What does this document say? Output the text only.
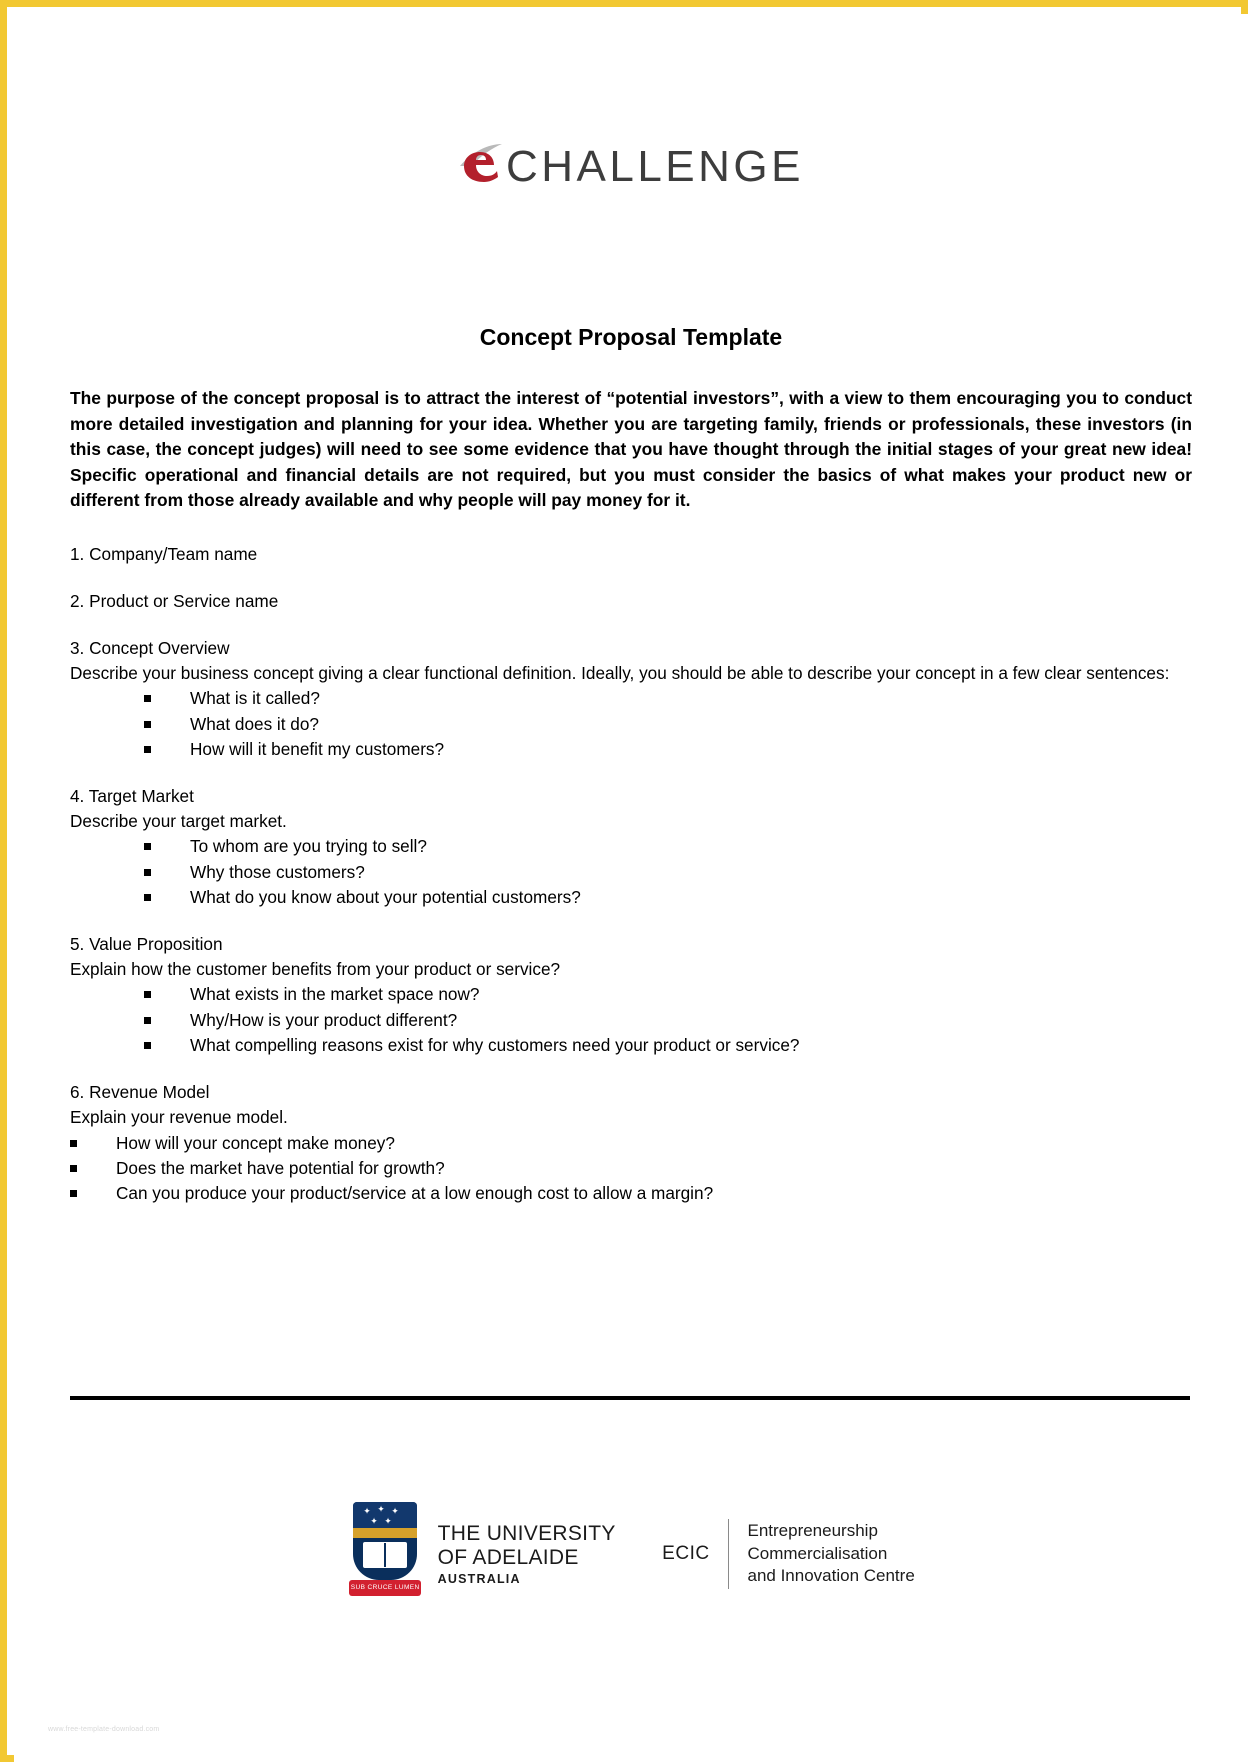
CHALLENGE
Concept Proposal Template

The purpose of the concept proposal is to attract the interest of “potential investors”, with a view to them encouraging you to conduct more detailed investigation and planning for your idea. Whether you are targeting family, friends or professionals, these investors (in this case, the concept judges) will need to see some evidence that you have thought through the initial stages of your great new idea! Specific operational and financial details are not required, but you must consider the basics of what makes your product new or different from those already available and why people will pay money for it.

1. Company/Team name

2. Product or Service name

3. Concept Overview

Describe your business concept giving a clear functional definition. Ideally, you should be able to describe your concept in a few clear sentences:

What is it called?
What does it do?
How will it benefit my customers?

4. Target Market

Describe your target market.

To whom are you trying to sell?
Why those customers?
What do you know about your potential customers?

5. Value Proposition

Explain how the customer benefits from your product or service?

What exists in the market space now?
Why/How is your product different?
What compelling reasons exist for why customers need your product or service?

6. Revenue Model

Explain your revenue model.

How will your concept make money?
Does the market have potential for growth?
Can you produce your product/service at a low enough cost to allow a margin?
✦ ✦ ✦
✦ ✦
SUB CRUCE LUMEN
THE UNIVERSITY
OF ADELAIDE
AUSTRALIA
ECIC  Entrepreneurship
Commercialisation
and Innovation Centre
www.free-template-download.com
